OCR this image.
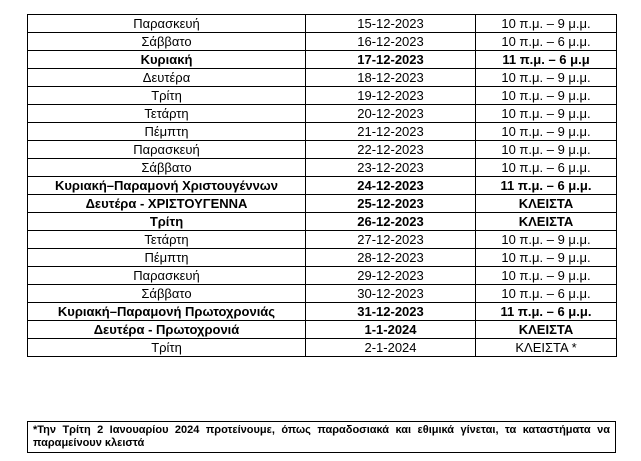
Παρασκευή	15-12-2023	10 π.μ. – 9 μ.μ.
Σάββατο	16-12-2023	10 π.μ. – 6 μ.μ.
Κυριακή	17-12-2023	11 π.μ. – 6 μ.μ
Δευτέρα	18-12-2023	10 π.μ. – 9 μ.μ.
Τρίτη	19-12-2023	10 π.μ. – 9 μ.μ.
Τετάρτη	20-12-2023	10 π.μ. – 9 μ.μ.
Πέμπτη	21-12-2023	10 π.μ. – 9 μ.μ.
Παρασκευή	22-12-2023	10 π.μ. – 9 μ.μ.
Σάββατο	23-12-2023	10 π.μ. – 6 μ.μ.
Κυριακή–Παραμονή Χριστουγέννων	24-12-2023	11 π.μ. – 6 μ.μ.
Δευτέρα - ΧΡΙΣΤΟΥΓΕΝΝΑ	25-12-2023	ΚΛΕΙΣΤΑ
Τρίτη	26-12-2023	ΚΛΕΙΣΤΑ
Τετάρτη	27-12-2023	10 π.μ. – 9 μ.μ.
Πέμπτη	28-12-2023	10 π.μ. – 9 μ.μ.
Παρασκευή	29-12-2023	10 π.μ. – 9 μ.μ.
Σάββατο	30-12-2023	10 π.μ. – 6 μ.μ.
Κυριακή–Παραμονή Πρωτοχρονιάς	31-12-2023	11 π.μ. – 6 μ.μ.
Δευτέρα - Πρωτοχρονιά	1-1-2024	ΚΛΕΙΣΤΑ
Τρίτη	2-1-2024	ΚΛΕΙΣΤΑ *

*Την Τρίτη 2 Ιανουαρίου 2024 προτείνουμε, όπως παραδοσιακά και εθιμικά γίνεται, τα καταστήματα να παραμείνουν κλειστά
